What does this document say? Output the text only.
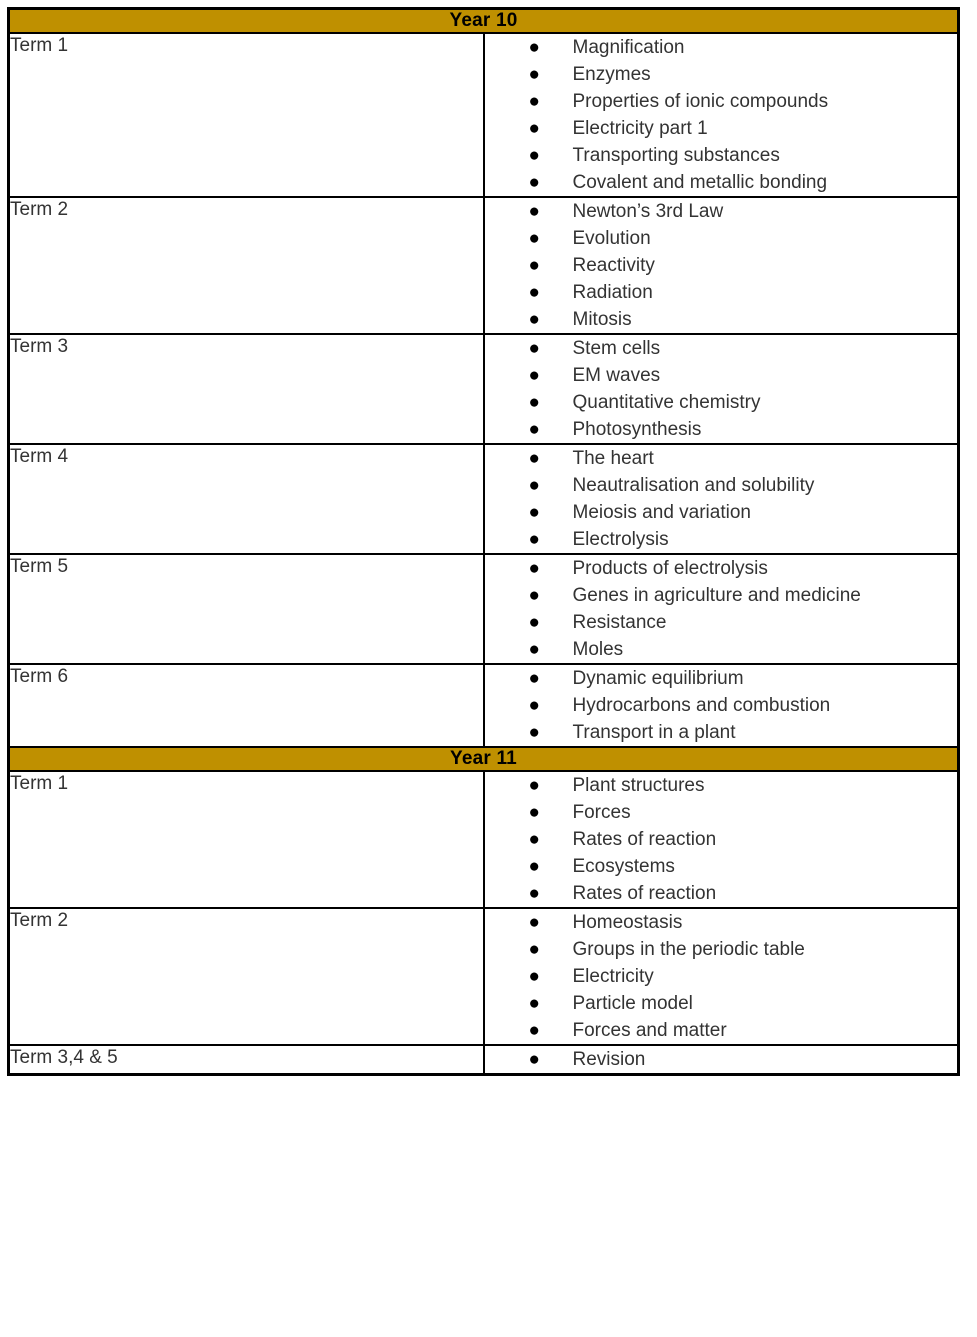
Year 10	
Term 1	● Magnification
● Enzymes
● Properties of ionic compounds
● Electricity part 1
● Transporting substances
● Covalent and metallic bonding

Term 2	● Newton’s 3rd Law
● Evolution
● Reactivity
● Radiation
● Mitosis

Term 3	● Stem cells
● EM waves
● Quantitative chemistry
● Photosynthesis

Term 4	● The heart
● Neautralisation and solubility
● Meiosis and variation
● Electrolysis

Term 5	● Products of electrolysis
● Genes in agriculture and medicine
● Resistance
● Moles

Term 6	● Dynamic equilibrium
● Hydrocarbons and combustion
● Transport in a plant

Year 11	
Term 1	● Plant structures
● Forces
● Rates of reaction
● Ecosystems
● Rates of reaction

Term 2	● Homeostasis
● Groups in the periodic table
● Electricity
● Particle model
● Forces and matter

Term 3,4 & 5	● Revision
